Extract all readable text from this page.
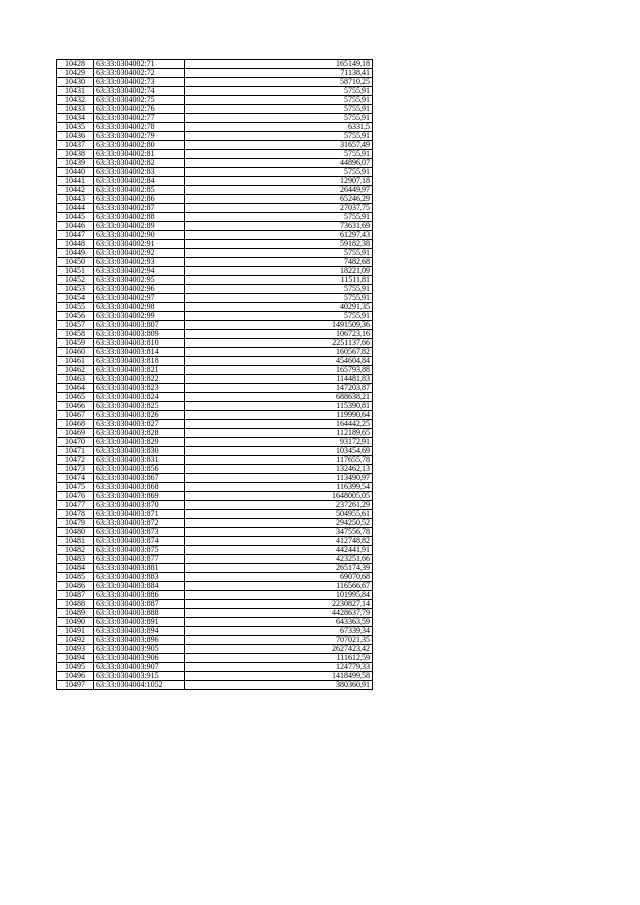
10428	63:33:0304002:71	165149,18
10429	63:33:0304002:72	71138,41
10430	63:33:0304002:73	58710,25
10431	63:33:0304002:74	5755,91
10432	63:33:0304002:75	5755,91
10433	63:33:0304002:76	5755,91
10434	63:33:0304002:77	5755,91
10435	63:33:0304002:78	6331,5
10436	63:33:0304002:79	5755,91
10437	63:33:0304002:80	31657,49
10438	63:33:0304002:81	5755,91
10439	63:33:0304002:82	44896,07
10440	63:33:0304002:83	5755,91
10441	63:33:0304002:84	12907,18
10442	63:33:0304002:85	26449,97
10443	63:33:0304002:86	65246,29
10444	63:33:0304002:87	27037,75
10445	63:33:0304002:88	5755,91
10446	63:33:0304002:89	73631,69
10447	63:33:0304002:90	61297,43
10448	63:33:0304002:91	59182,38
10449	63:33:0304002:92	5755,91
10450	63:33:0304002:93	7482,68
10451	63:33:0304002:94	18221,09
10452	63:33:0304002:95	11511,81
10453	63:33:0304002:96	5755,91
10454	63:33:0304002:97	5755,91
10455	63:33:0304002:98	40291,35
10456	63:33:0304002:99	5755,91
10457	63:33:0304003:807	1491509,36
10458	63:33:0304003:809	106723,16
10459	63:33:0304003:810	2251137,66
10460	63:33:0304003:814	160567,82
10461	63:33:0304003:818	454604,84
10462	63:33:0304003:821	165793,88
10463	63:33:0304003:822	114481,83
10464	63:33:0304003:823	147203,87
10465	63:33:0304003:824	688638,21
10466	63:33:0304003:825	115390,81
10467	63:33:0304003:826	119990,64
10468	63:33:0304003:827	164442,25
10469	63:33:0304003:828	112189,65
10470	63:33:0304003:829	93172,91
10471	63:33:0304003:830	103454,69
10472	63:33:0304003:831	117655,78
10473	63:33:0304003:856	132462,13
10474	63:33:0304003:867	113490,97
10475	63:33:0304003:868	116399,54
10476	63:33:0304003:869	1648005,05
10477	63:33:0304003:870	237261,29
10478	63:33:0304003:871	504955,61
10479	63:33:0304003:872	294250,52
10480	63:33:0304003:873	347556,78
10481	63:33:0304003:874	412748,82
10482	63:33:0304003:875	442441,91
10483	63:33:0304003:877	423251,66
10484	63:33:0304003:881	265174,39
10485	63:33:0304003:883	69070,68
10486	63:33:0304003:884	116566,67
10487	63:33:0304003:886	101995,84
10488	63:33:0304003:887	2230827,14
10489	63:33:0304003:888	4428637,79
10490	63:33:0304003:891	643363,59
10491	63:33:0304003:894	67339,34
10492	63:33:0304003:896	707021,35
10493	63:33:0304003:905	2627423,42
10494	63:33:0304003:906	111612,59
10495	63:33:0304003:907	124779,33
10496	63:33:0304003:915	1418499,58
10497	63:33:0304004:1052	380360,91
